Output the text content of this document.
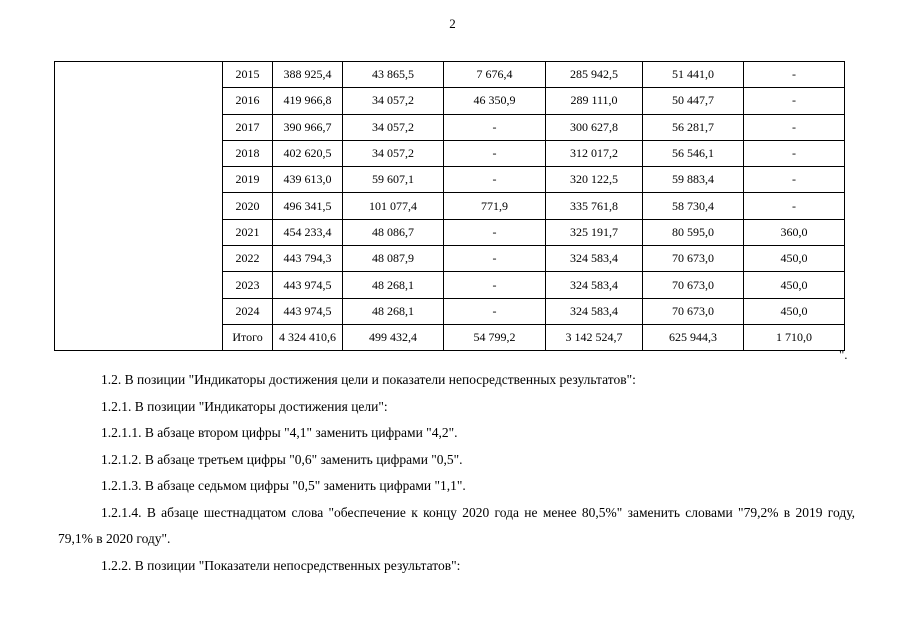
2
	2015	388 925,4	43 865,5	7 676,4	285 942,5	51 441,0	-
	2016	419 966,8	34 057,2	46 350,9	289 111,0	50 447,7	-
	2017	390 966,7	34 057,2	-	300 627,8	56 281,7	-
	2018	402 620,5	34 057,2	-	312 017,2	56 546,1	-
	2019	439 613,0	59 607,1	-	320 122,5	59 883,4	-
	2020	496 341,5	101 077,4	771,9	335 761,8	58 730,4	-
	2021	454 233,4	48 086,7	-	325 191,7	80 595,0	360,0
	2022	443 794,3	48 087,9	-	324 583,4	70 673,0	450,0
	2023	443 974,5	48 268,1	-	324 583,4	70 673,0	450,0
	2024	443 974,5	48 268,1	-	324 583,4	70 673,0	450,0
	Итого	4 324 410,6	499 432,4	54 799,2	3 142 524,7	625 944,3	1 710,0
".

1.2. В позиции "Индикаторы достижения цели и показатели непосредственных результатов":

1.2.1. В позиции "Индикаторы достижения цели":

1.2.1.1. В абзаце втором цифры "4,1" заменить цифрами "4,2".

1.2.1.2. В абзаце третьем цифры "0,6" заменить цифрами "0,5".

1.2.1.3. В абзаце седьмом цифры "0,5" заменить цифрами "1,1".

1.2.1.4. В абзаце шестнадцатом слова "обеспечение к концу 2020 года не менее 80,5%" заменить словами "79,2% в 2019 году, 79,1% в 2020 году".

1.2.2. В позиции "Показатели непосредственных результатов":
